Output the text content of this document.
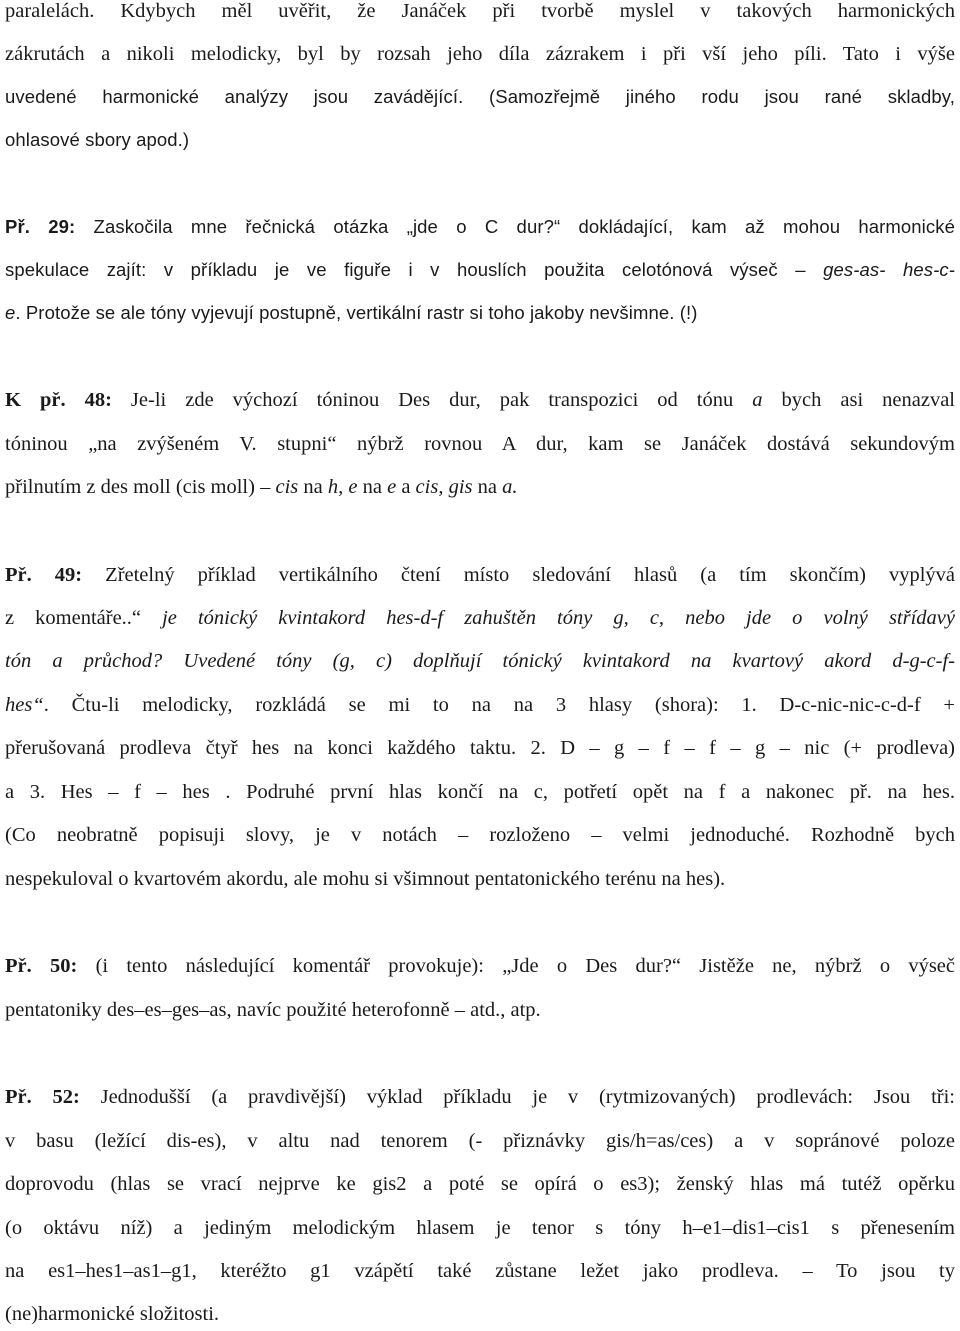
paralelách. Kdybych měl uvěřit, že Janáček při tvorbě myslel v takových harmonických
zákrutách a nikoli melodicky, byl by rozsah jeho díla zázrakem i při vší jeho píli. Tato i výše
uvedené harmonické analýzy jsou zavádějící. (Samozřejmě jiného rodu jsou rané skladby,
ohlasové sbory apod.)
Př. 29: Zaskočila mne řečnická otázka „jde o C dur?“ dokládající, kam až mohou harmonické
spekulace zajít: v příkladu je ve figuře i v houslích použita celotónová výseč – ges-as- hes-c-
e. Protože se ale tóny vyjevují postupně, vertikální rastr si toho jakoby nevšimne. (!)
K př. 48: Je-li zde výchozí tóninou Des dur, pak transpozici od tónu a bych asi nenazval
tóninou „na zvýšeném V. stupni“ nýbrž rovnou A dur, kam se Janáček dostává sekundovým
přilnutím z des moll (cis moll) – cis na h, e na e a cis, gis na a.
Př. 49: Zřetelný příklad vertikálního čtení místo sledování hlasů (a tím skončím) vyplývá
z komentáře..“ je tónický kvintakord hes-d-f zahuštěn tóny g, c, nebo jde o volný střídavý
tón a průchod? Uvedené tóny (g, c) doplňují tónický kvintakord na kvartový akord d-g-c-f-
hes“. Čtu-li melodicky, rozkládá se mi to na na 3 hlasy (shora): 1. D-c-nic-nic-c-d-f +
přerušovaná prodleva čtyř hes na konci každého taktu. 2. D – g – f – f – g – nic (+ prodleva)
a 3. Hes – f – hes . Podruhé první hlas končí na c, potřetí opět na f a nakonec př. na hes.
(Co neobratně popisuji slovy, je v notách – rozloženo – velmi jednoduché. Rozhodně bych
nespekuloval o kvartovém akordu, ale mohu si všimnout pentatonického terénu na hes).
Př. 50: (i tento následující komentář provokuje): „Jde o Des dur?“ Jistěže ne, nýbrž o výseč
pentatoniky des–es–ges–as, navíc použité heterofonně – atd., atp.
Př. 52: Jednodušší (a pravdivější) výklad příkladu je v (rytmizovaných) prodlevách: Jsou tři:
v basu (ležící dis-es), v altu nad tenorem (- přiznávky gis/h=as/ces) a v sopránové poloze
doprovodu (hlas se vrací nejprve ke gis2 a poté se opírá o es3); ženský hlas má tutéž opěrku
(o oktávu níž) a jediným melodickým hlasem je tenor s tóny h–e1–dis1–cis1 s přenesením
na es1–hes1–as1–g1, kteréžto g1 vzápětí také zůstane ležet jako prodleva. – To jsou ty
(ne)harmonické složitosti.
